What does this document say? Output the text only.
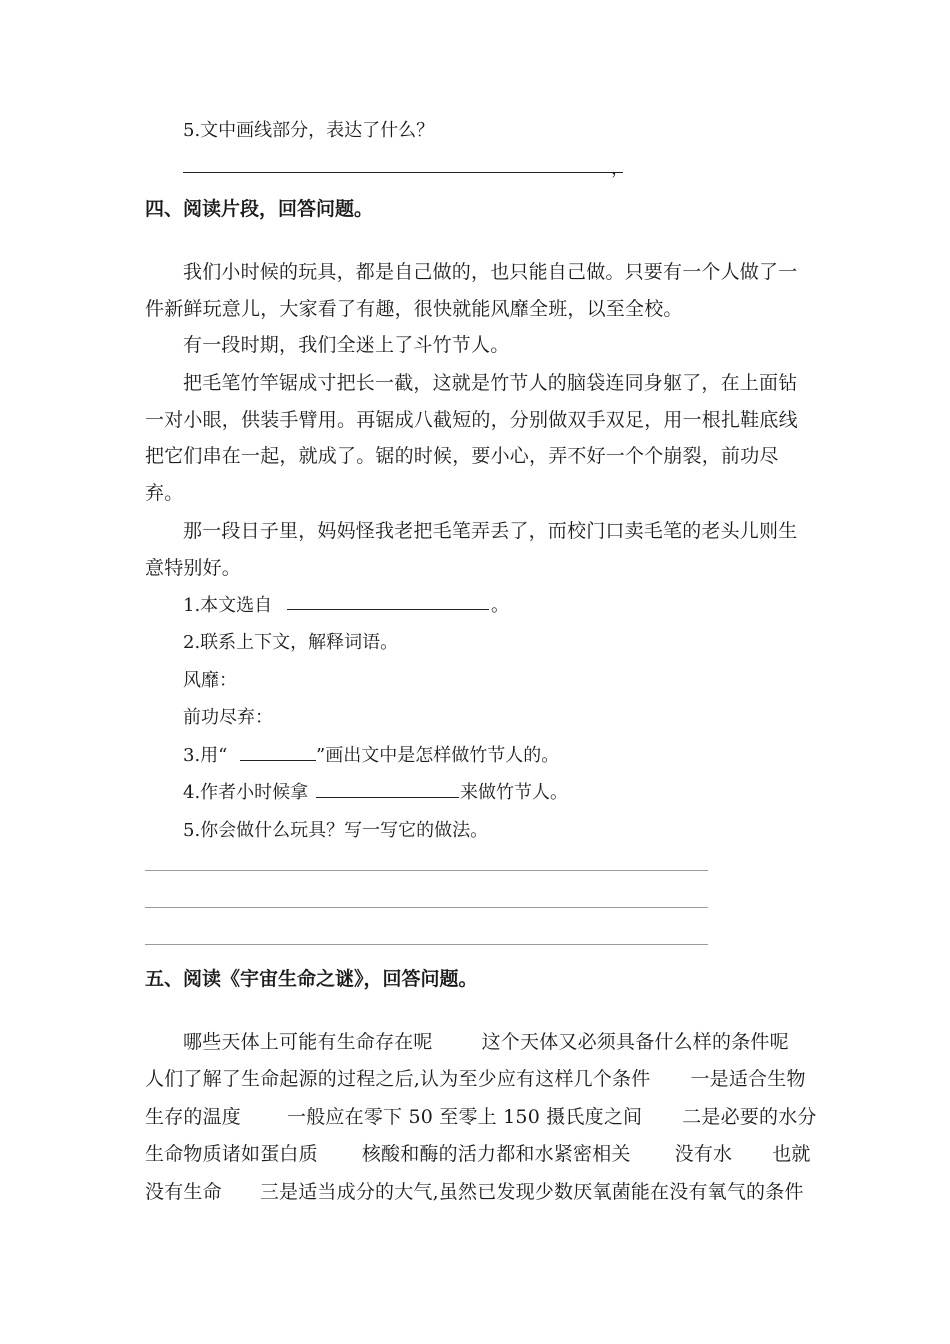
5.文中画线部分，表达了什么？
，
四、阅读片段，回答问题。
我们小时候的玩具，都是自己做的，也只能自己做。只要有一个人做了一
件新鲜玩意儿，大家看了有趣，很快就能风靡全班，以至全校。
有一段时期，我们全迷上了斗竹节人。
把毛笔竹竿锯成寸把长一截，这就是竹节人的脑袋连同身躯了，在上面钻
一对小眼，供装手臂用。再锯成八截短的，分别做双手双足，用一根扎鞋底线
把它们串在一起，就成了。锯的时候，要小心，弄不好一个个崩裂，前功尽
弃。
那一段日子里，妈妈怪我老把毛笔弄丢了，而校门口卖毛笔的老头儿则生
意特别好。
1.本文选自	。
2.联系上下文，解释词语。
风靡：
前功尽弃：
3.用“	”画出文中是怎样做竹节人的。
4.作者小时候拿	来做竹节人。
5.你会做什么玩具？写一写它的做法。
五、阅读《宇宙生命之谜》，回答问题。
哪些天体上可能有生命存在呢	这个天体又必须具备什么样的条件呢
人们了解了生命起源的过程之后,认为至少应有这样几个条件 一是适合生物
生存的温度 一般应在零下 50 至零上 150 摄氏度之间 二是必要的水分
生命物质诸如蛋白质 核酸和酶的活力都和水紧密相关 没有水 也就
没有生命 三是适当成分的大气,虽然已发现少数厌氧菌能在没有氧气的条件
